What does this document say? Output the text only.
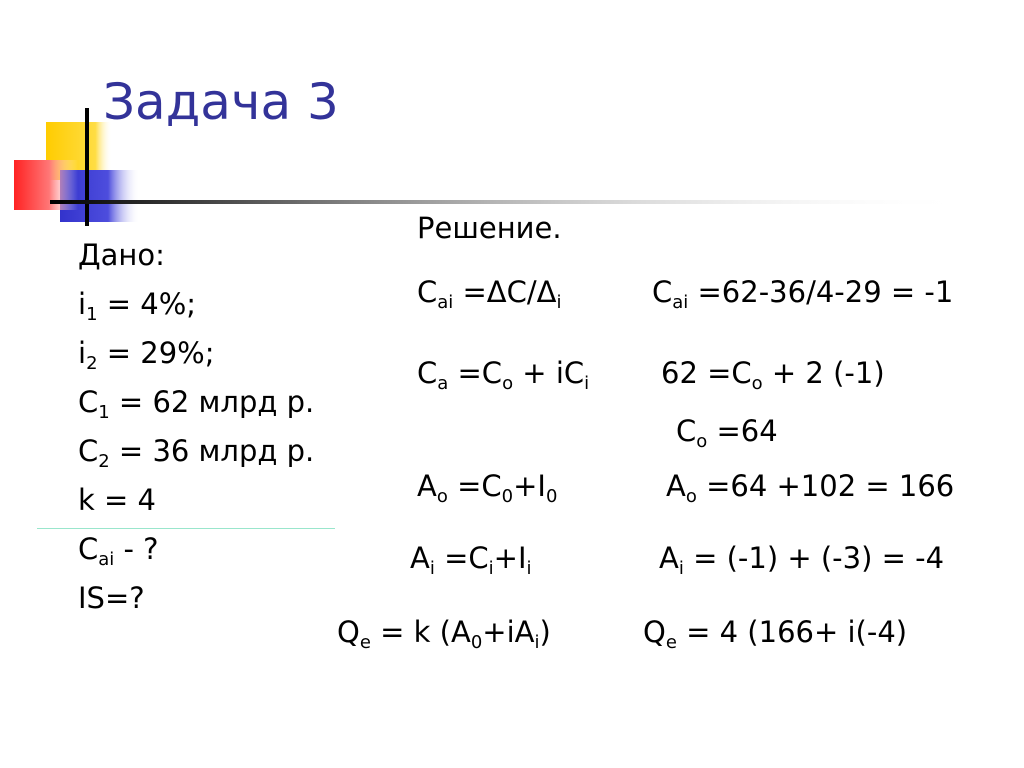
Задача 3
Дано:
$i_1 = 4\%$;
$i_2 = 29\%$;
$C_1 = 62$ млрд р.
$C_2 = 36$ млрд р.
k = 4
$C_{ai}$ - ?
IS=?
Решение.
$C_{ai} =\Delta C/\Delta_i$
$C_a =C_o + iC_i$
$A_o =C_0+I_0$
$A_i =C_i+I_i$
$Q_e = k$ $(A_0+iA_i)$
$C_{ai} =62-36/4-29 = -1$
$62 =C_o + 2$ (-1)
$C_o =64$
$A_o =64 +102 = 166$
$A_i = (-1) + (-3) = -4$
$Q_e = 4$ (166+ i(-4)
